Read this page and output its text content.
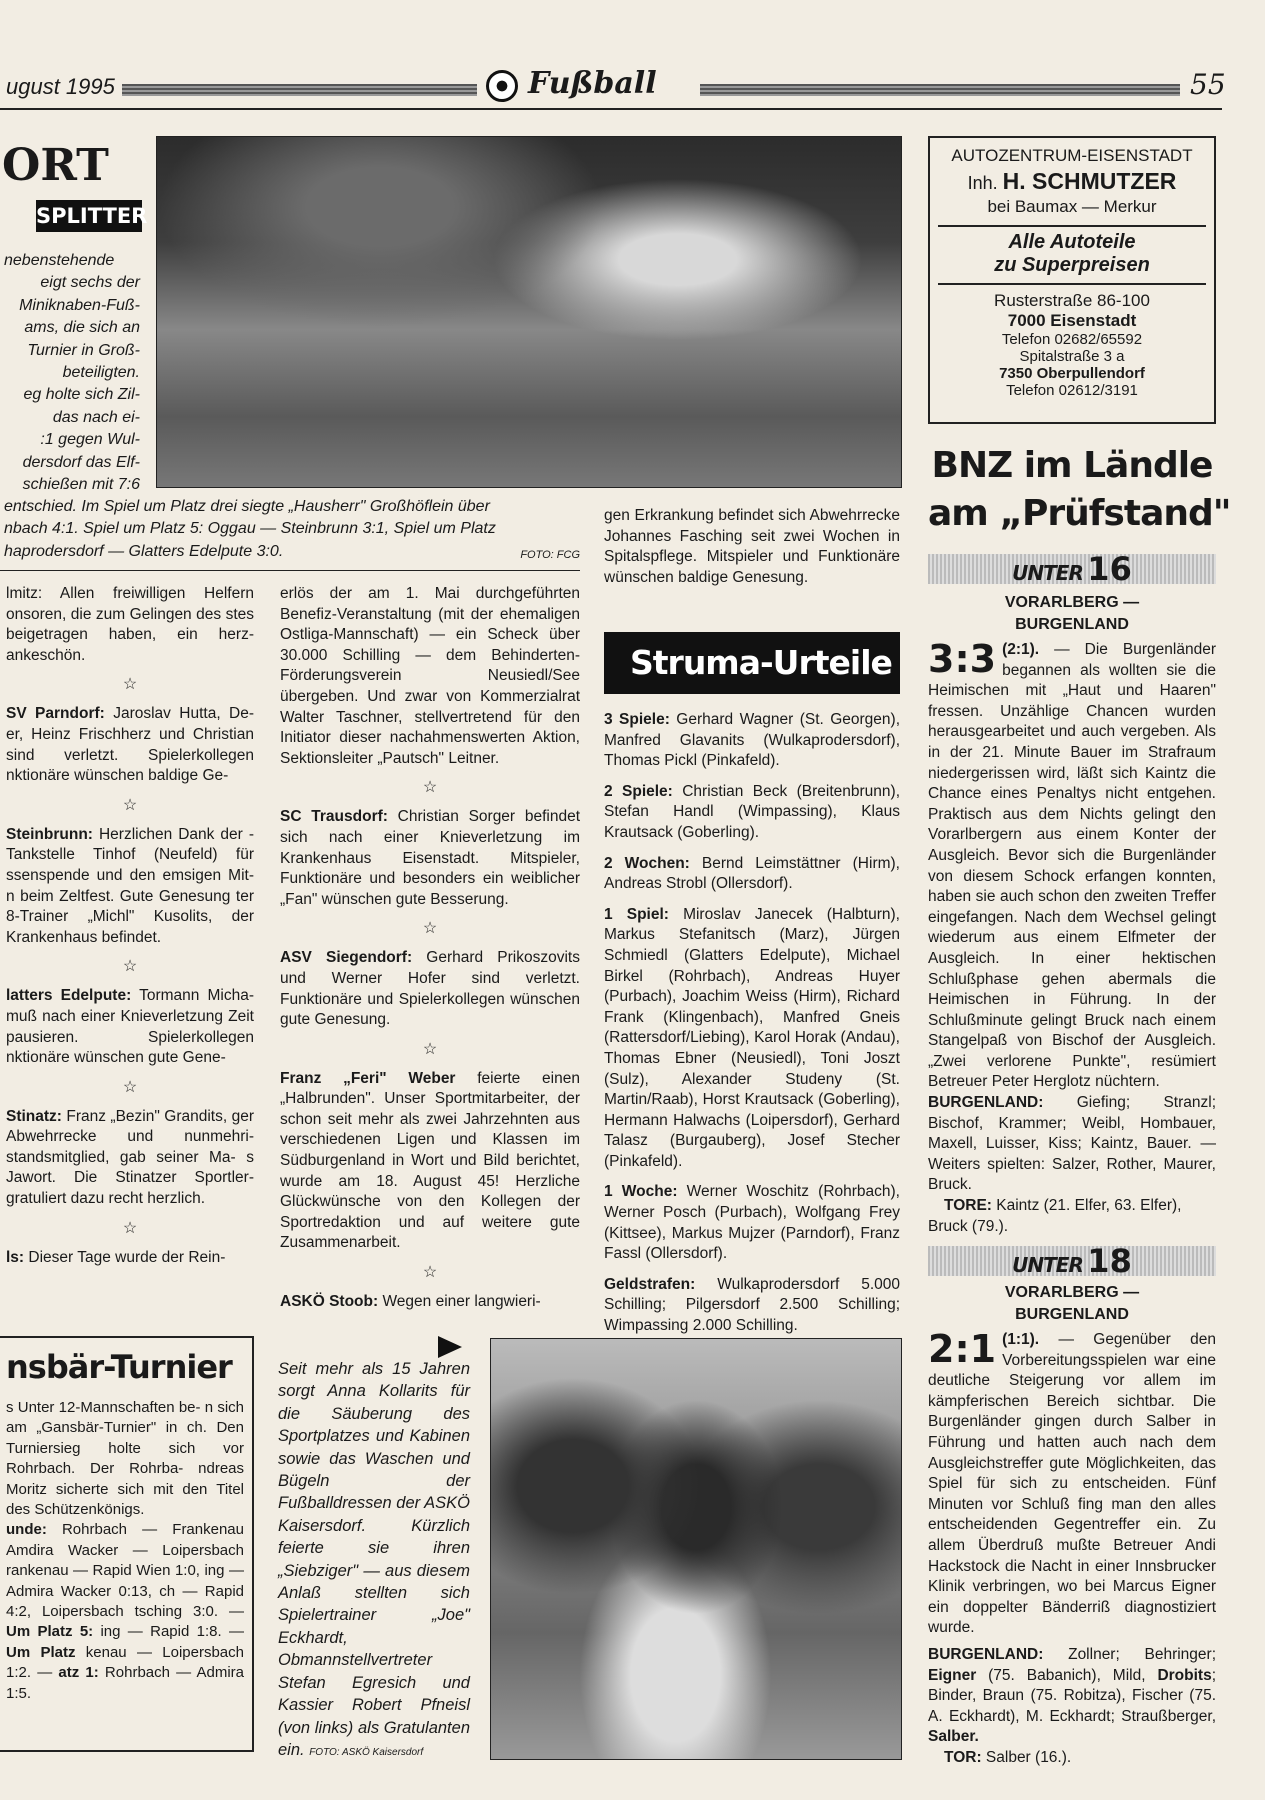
ugust 1995	Fußball	55
ORT
SPLITTER
nebenstehende
eigt sechs der
Miniknaben-Fuß-
ams, die sich an
Turnier in Groß-
beteiligten.
eg holte sich Zil-
das nach ei-
:1 gegen Wul-
dersdorf das Elf-
schießen mit 7:6
entschied. Im Spiel um Platz drei siegte „Hausherr" Großhöflein über
nbach 4:1. Spiel um Platz 5: Oggau — Steinbrunn 3:1, Spiel um Platz
haprodersdorf — Glatters Edelpute 3:0.	FOTO: FCG

lmitz: Allen freiwilligen Helfern onsoren, die zum Gelingen des stes beigetragen haben, ein herz- ankeschön.

☆

SV Parndorf: Jaroslav Hutta, De- er, Heinz Frischherz und Christian sind verletzt. Spielerkollegen nktionäre wünschen baldige Ge-

☆

Steinbrunn: Herzlichen Dank der -Tankstelle Tinhof (Neufeld) für ssenspende und den emsigen Mit- n beim Zeltfest. Gute Genesung ter 8-Trainer „Michl" Kusolits, der Krankenhaus befindet.

☆

latters Edelpute: Tormann Micha- muß nach einer Knieverletzung Zeit pausieren. Spielerkollegen nktionäre wünschen gute Gene-

☆

Stinatz: Franz „Bezin" Grandits, ger Abwehrrecke und nunmehri- standsmitglied, gab seiner Ma- s Jawort. Die Stinatzer Sportler- gratuliert dazu recht herzlich.

☆

ls: Dieser Tage wurde der Rein-

nsbär-Turnier

s Unter 12-Mannschaften be- n sich am „Gansbär-Turnier" in ch. Den Turniersieg holte sich vor Rohrbach. Der Rohrba- ndreas Moritz sicherte sich mit den Titel des Schützenkönigs.

unde: Rohrbach — Frankenau Amdira Wacker — Loipersbach rankenau — Rapid Wien 1:0, ing — Admira Wacker 0:13, ch — Rapid 4:2, Loipersbach tsching 3:0. — Um Platz 5: ing — Rapid 1:8. — Um Platz kenau — Loipersbach 1:2. — atz 1: Rohrbach — Admira 1:5.

erlös der am 1. Mai durchgeführten Benefiz-Veranstaltung (mit der ehemaligen Ostliga-Mannschaft) — ein Scheck über 30.000 Schilling — dem Behinderten-Förderungsverein Neusiedl/See übergeben. Und zwar von Kommerzialrat Walter Taschner, stellvertretend für den Initiator dieser nachahmenswerten Aktion, Sektionsleiter „Pautsch" Leitner.

☆

SC Trausdorf: Christian Sorger befindet sich nach einer Knieverletzung im Krankenhaus Eisenstadt. Mitspieler, Funktionäre und besonders ein weiblicher „Fan" wünschen gute Besserung.

☆

ASV Siegendorf: Gerhard Prikoszovits und Werner Hofer sind verletzt. Funktionäre und Spielerkollegen wünschen gute Genesung.

☆

Franz „Feri" Weber feierte einen „Halbrunden". Unser Sportmitarbeiter, der schon seit mehr als zwei Jahrzehnten aus verschiedenen Ligen und Klassen im Südburgenland in Wort und Bild berichtet, wurde am 18. August 45! Herzliche Glückwünsche von den Kollegen der Sportredaktion und auf weitere gute Zusammenarbeit.

☆

ASKÖ Stoob: Wegen einer langwieri-

Seit mehr als 15 Jahren sorgt Anna Kollarits für die Säuberung des Sportplatzes und Kabinen sowie das Waschen und Bügeln der Fußballdressen der ASKÖ Kaisersdorf. Kürzlich feierte sie ihren „Siebziger" — aus diesem Anlaß stellten sich Spielertrainer „Joe" Eckhardt, Obmannstellvertreter Stefan Egresich und Kassier Robert Pfneisl (von links) als Gratulanten ein. FOTO: ASKÖ Kaisersdorf

gen Erkrankung befindet sich Abwehrrecke Johannes Fasching seit zwei Wochen in Spitalspflege. Mitspieler und Funktionäre wünschen baldige Genesung.

Struma-Urteile

3 Spiele: Gerhard Wagner (St. Georgen), Manfred Glavanits (Wulkaprodersdorf), Thomas Pickl (Pinkafeld).

2 Spiele: Christian Beck (Breitenbrunn), Stefan Handl (Wimpassing), Klaus Krautsack (Goberling).

2 Wochen: Bernd Leimstättner (Hirm), Andreas Strobl (Ollersdorf).

1 Spiel: Miroslav Janecek (Halbturn), Markus Stefanitsch (Marz), Jürgen Schmiedl (Glatters Edelpute), Michael Birkel (Rohrbach), Andreas Huyer (Purbach), Joachim Weiss (Hirm), Richard Frank (Klingenbach), Manfred Gneis (Rattersdorf/Liebing), Karol Horak (Andau), Thomas Ebner (Neusiedl), Toni Joszt (Sulz), Alexander Studeny (St. Martin/Raab), Horst Krautsack (Goberling), Hermann Halwachs (Loipersdorf), Gerhard Talasz (Burgauberg), Josef Stecher (Pinkafeld).

1 Woche: Werner Woschitz (Rohrbach), Werner Posch (Purbach), Wolfgang Frey (Kittsee), Markus Mujzer (Parndorf), Franz Fassl (Ollersdorf).

Geldstrafen: Wulkaprodersdorf 5.000 Schilling; Pilgersdorf 2.500 Schilling; Wimpassing 2.000 Schilling.

AUTOZENTRUM-EISENSTADT
Inh. H. SCHMUTZER
bei Baumax — Merkur
Alle Autoteile
zu Superpreisen
Rusterstraße 86-100
7000 Eisenstadt
Telefon 02682/65592
Spitalstraße 3 a
7350 Oberpullendorf
Telefon 02612/3191
BNZ im Ländle
am „Prüfstand"
UNTER 16
VORARLBERG —
BURGENLAND
3:3 (2:1). — Die Burgenländer begannen als wollten sie die Heimischen mit „Haut und Haaren" fressen. Unzählige Chancen wurden herausgearbeitet und auch vergeben. Als in der 21. Minute Bauer im Strafraum niedergerissen wird, läßt sich Kaintz die Chance eines Penaltys nicht entgehen. Praktisch aus dem Nichts gelingt den Vorarlbergern aus einem Konter der Ausgleich. Bevor sich die Burgenländer von diesem Schock erfangen konnten, haben sie auch schon den zweiten Treffer eingefangen. Nach dem Wechsel gelingt wiederum aus einem Elfmeter der Ausgleich. In einer hektischen Schlußphase gehen abermals die Heimischen in Führung. In der Schlußminute gelingt Bruck nach einem Stangelpaß von Bischof der Ausgleich. „Zwei verlorene Punkte", resümiert Betreuer Peter Herglotz nüchtern.

BURGENLAND: Giefing; Stranzl; Bischof, Krammer; Weibl, Hombauer, Maxell, Luisser, Kiss; Kaintz, Bauer. — Weiters spielten: Salzer, Rother, Maurer, Bruck.

TORE: Kaintz (21. Elfer, 63. Elfer), Bruck (79.).

UNTER 18
VORARLBERG —
BURGENLAND
2:1 (1:1). — Gegenüber den Vorbereitungsspielen war eine deutliche Steigerung vor allem im kämpferischen Bereich sichtbar. Die Burgenländer gingen durch Salber in Führung und hatten auch nach dem Ausgleichstreffer gute Möglichkeiten, das Spiel für sich zu entscheiden. Fünf Minuten vor Schluß fing man den alles entscheidenden Gegentreffer ein. Zu allem Überdruß mußte Betreuer Andi Hackstock die Nacht in einer Innsbrucker Klinik verbringen, wo bei Marcus Eigner ein doppelter Bänderriß diagnostiziert wurde.

BURGENLAND: Zollner; Behringer; Eigner (75. Babanich), Mild, Drobits; Binder, Braun (75. Robitza), Fischer (75. A. Eckhardt), M. Eckhardt; Straußberger, Salber.

TOR: Salber (16.).
